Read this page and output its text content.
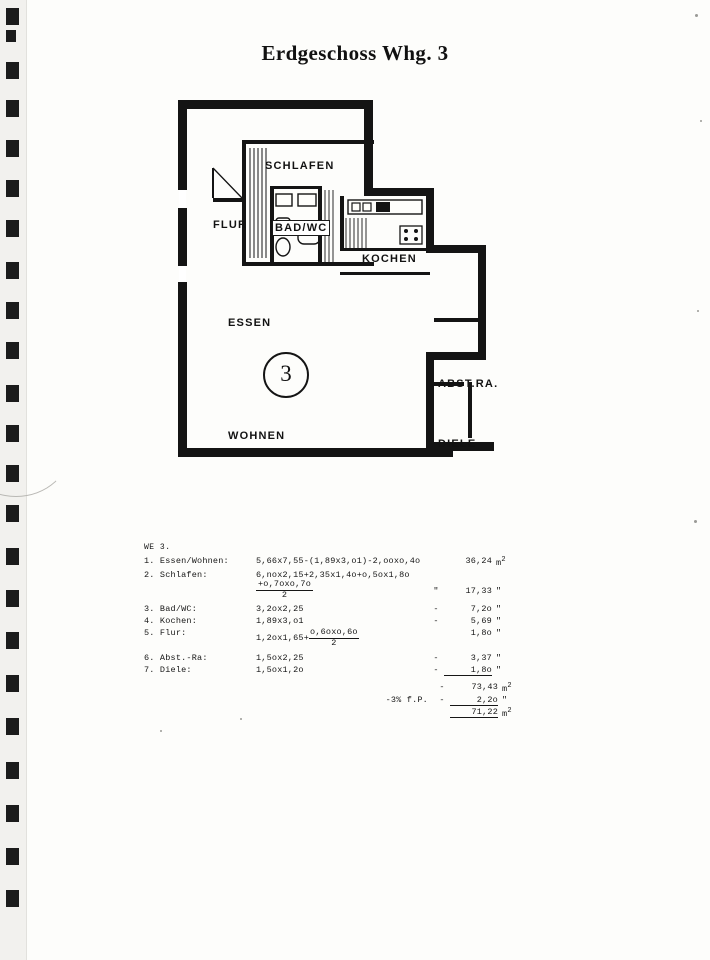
Erdgeschoss Whg. 3
SCHLAFEN
BAD/WC
FLUR
KOCHEN
ESSEN
WOHNEN
ABST.RA.
DIELE
3
WE 3.
1. Essen/Wohnen:	5,66x7,55-(1,89x3,o1)-2,ooxo,4o	36,24 $m^2$
2. Schlafen:	6,nox2,15+2,35x1,4o+o,5ox1,8o
$\frac{\text{+o,7oxo,7o}}{2}$	"	17,33 "
3. Bad/WC:	3,2ox2,25	-	7,2o "
4. Kochen:	1,89x3,o1	-	5,69 "
5. Flur:
$1,2ox1,65+ \frac{\text{o,6oxo,6o}}{2}$	1,8o "
6. Abst.-Ra:	1,5ox2,25	-	3,37 "
7. Diele:	1,5ox1,2o	-	1,8o "
-	73,43 $m^2$
-3% f.P.	-	2,2o "
71,22 $m^2$
